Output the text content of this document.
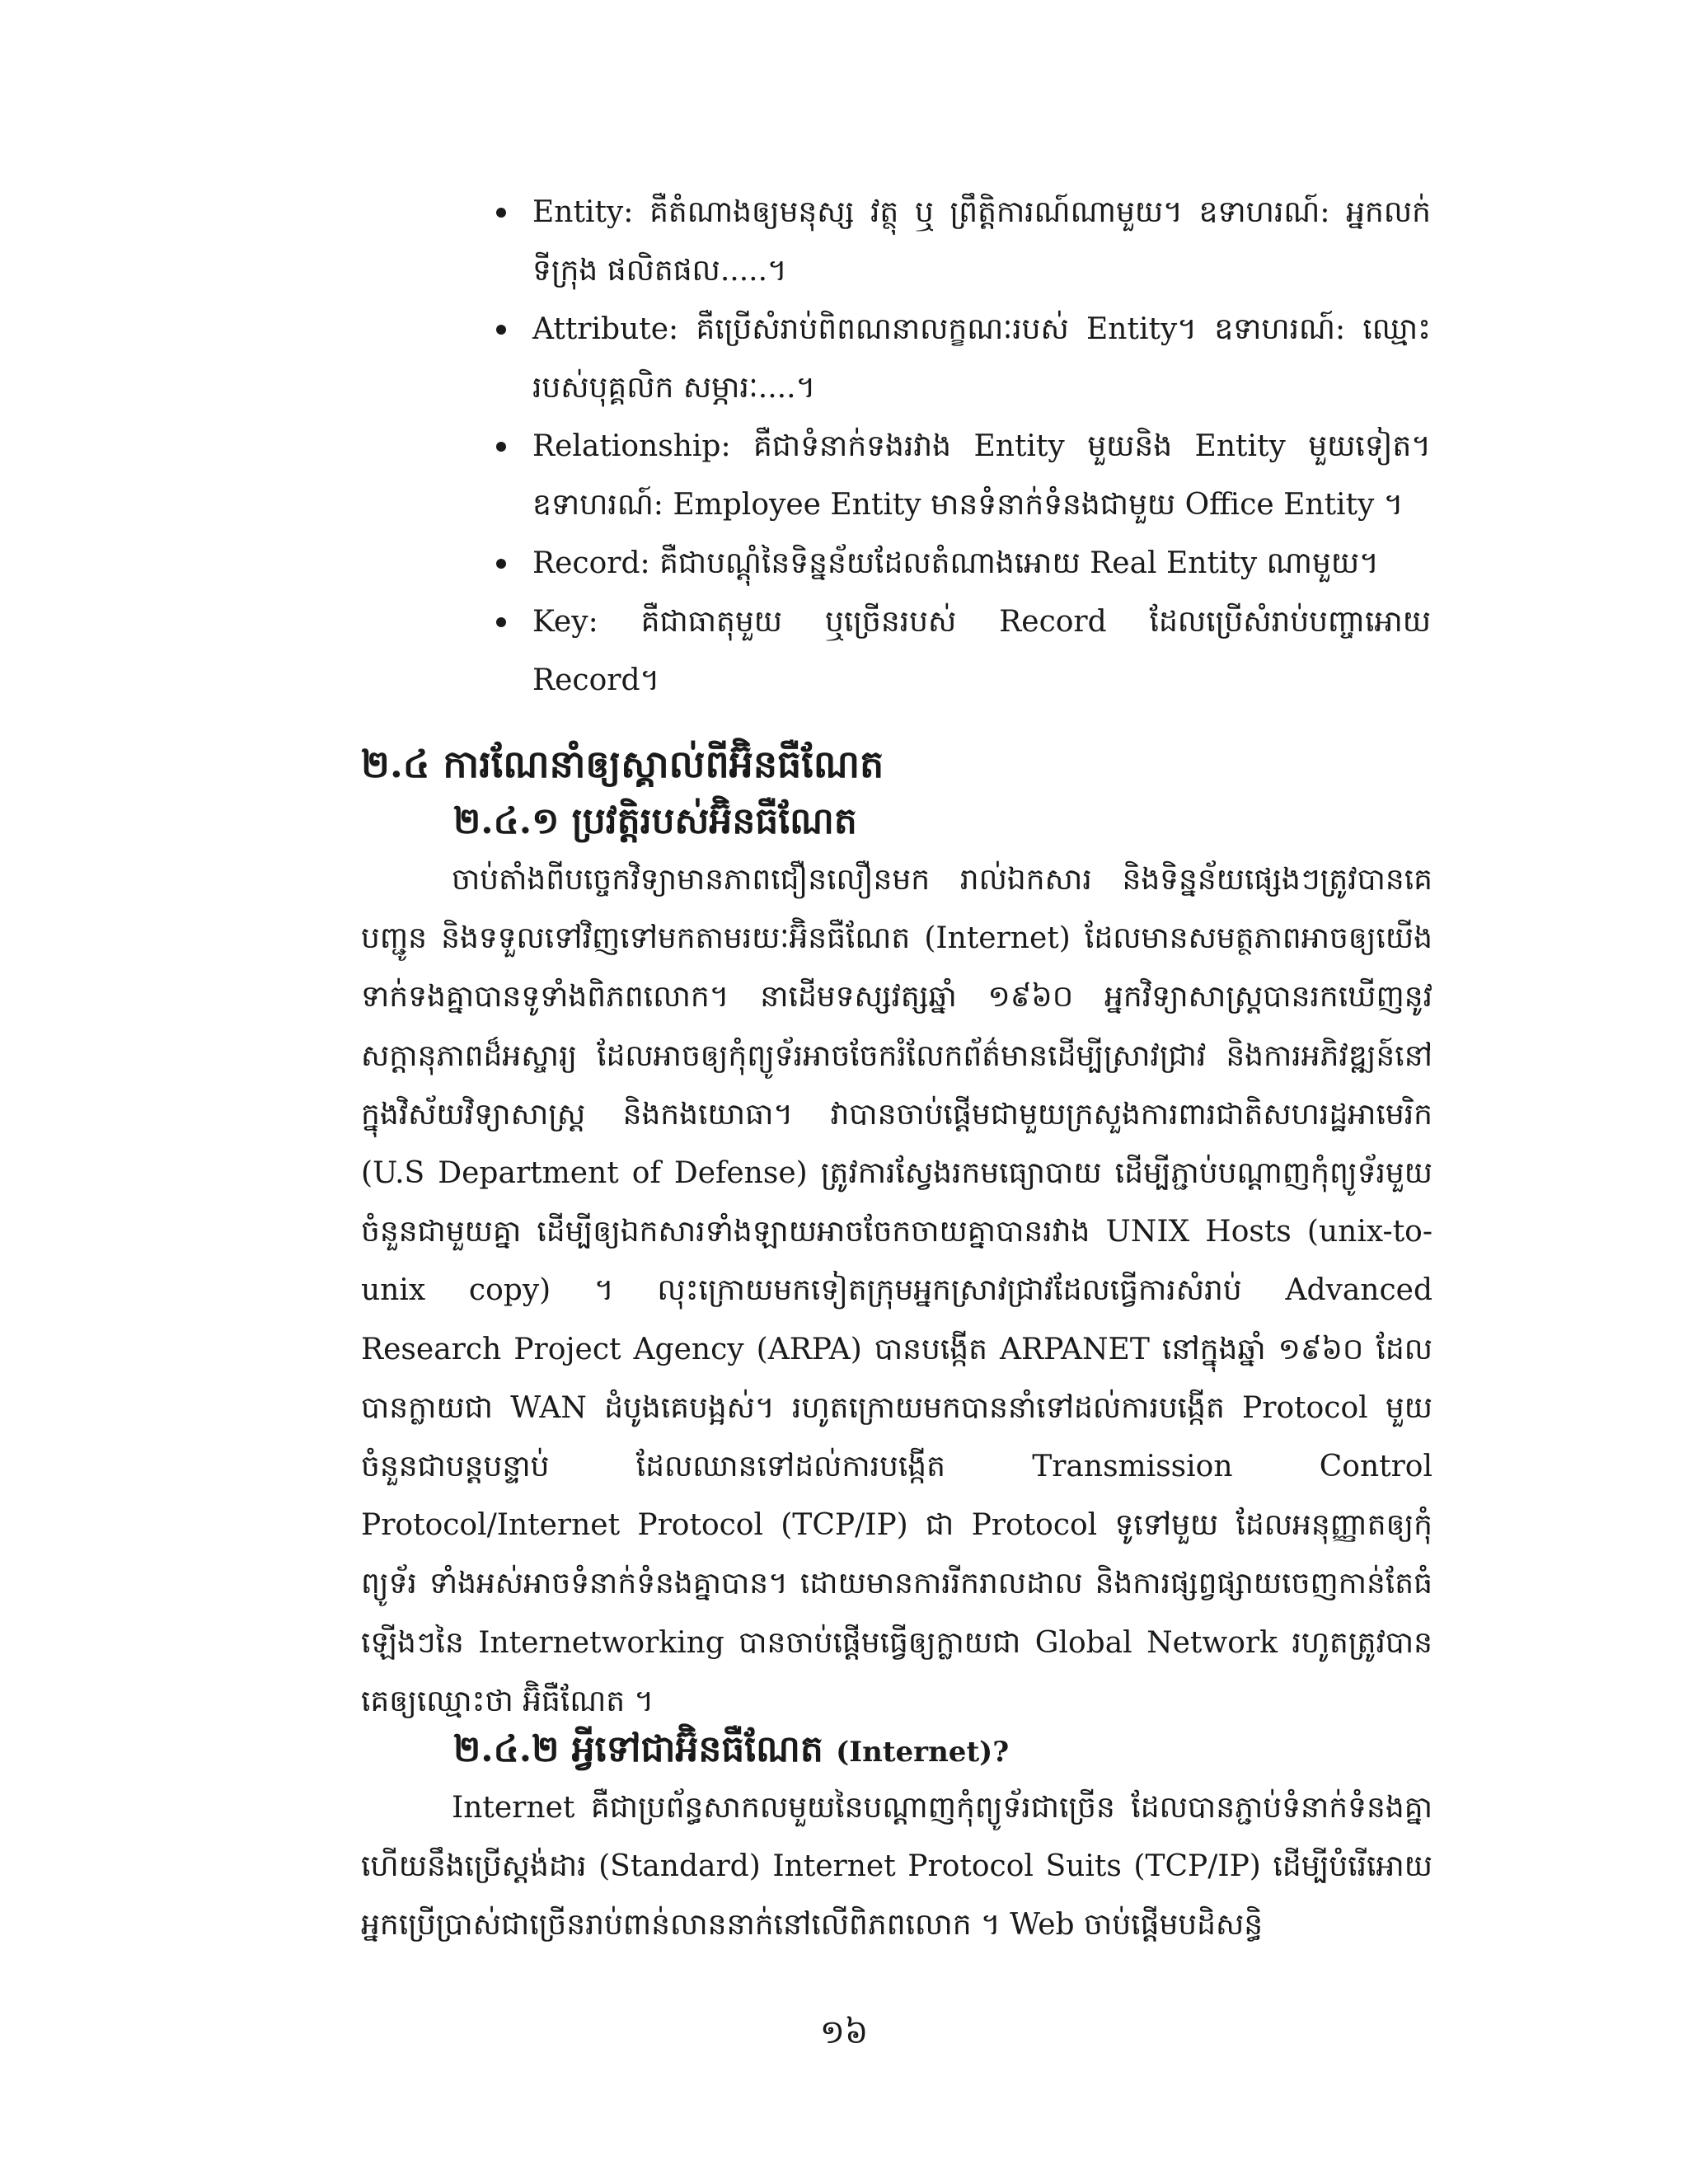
Entity: គឺតំណាងឲ្យមនុស្ស វត្ថុ ឬ ព្រឹត្តិការណ៍ណាមួយ។ ឧទាហរណ៍: អ្នកលក់ ទីក្រុង ផលិតផល.....។
Attribute: គឺប្រើសំរាប់ពិពណនាលក្ខណៈរបស់ Entity។ ឧទាហរណ៍: ឈ្មោះរបស់បុគ្គលិក សម្ភារៈ....។
Relationship: គឺជាទំនាក់ទងរវាង Entity មួយនិង Entity មួយទៀត។ ឧទាហរណ៍: Employee Entity មានទំនាក់ទំនងជាមួយ Office Entity ។
Record: គឺជាបណ្តុំនៃទិន្នន័យដែលតំណាងអោយ Real Entity ណាមួយ។
Key: គឺជាធាតុមួយ ឬច្រើនរបស់ Record ដែលប្រើសំរាប់បញ្ចាអោយ Record។
២.៤ ការណែនាំឲ្យស្គាល់ពីអ៊ិនធឺណែត
២.៤.១ ប្រវត្តិរបស់អ៊ិនធឺណែត

ចាប់តាំងពីបច្ចេកវិទ្យាមានភាពជឿនលឿនមក រាល់ឯកសារ និងទិន្នន័យផ្សេងៗត្រូវបានគេបញ្ជូន និងទទួលទៅវិញទៅមកតាមរយៈអ៊ិនធឺណែត (Internet) ដែលមានសមត្ថភាពអាចឲ្យយើងទាក់ទងគ្នាបានទូទាំងពិភពលោក។ នាដើមទស្សវត្សឆ្នាំ ១៩៦០ អ្នកវិទ្យាសាស្រ្តបានរកឃើញនូវសក្តានុភាពដ៏អស្ចារ្យ ដែលអាចឲ្យកុំព្យូទ័រអាចចែករំលែកព័ត៌មានដើម្បីស្រាវជ្រាវ និងការអភិវឌ្ឍន៍នៅក្នុងវិស័យវិទ្យាសាស្រ្ត និងកងយោធា។ វាបានចាប់ផ្តើមជាមួយក្រសួងការពារជាតិសហរដ្ឋអាមេរិក (U.S Department of Defense) ត្រូវការស្វែងរកមធ្យោបាយ ដើម្បីភ្ជាប់បណ្តាញកុំព្យូទ័រមួយចំនួនជាមួយគ្នា ដើម្បីឲ្យឯកសារទាំងឡាយអាចចែកចាយគ្នាបានរវាង UNIX Hosts (unix-to-unix copy) ។ លុះក្រោយមកទៀតក្រុមអ្នកស្រាវជ្រាវដែលធ្វើការសំរាប់ Advanced Research Project Agency (ARPA) បានបង្កើត ARPANET នៅក្នុងឆ្នាំ ១៩៦០ ដែលបានក្លាយជា WAN ដំបូងគេបង្អស់។ រហូតក្រោយមកបាននាំទៅដល់ការបង្កើត Protocol មួយចំនួនជាបន្តបន្ទាប់ ដែលឈានទៅដល់ការបង្កើត Transmission Control Protocol/Internet Protocol (TCP/IP) ជា Protocol ទូទៅមួយ ដែលអនុញ្ញាតឲ្យកុំព្យូទ័រ ទាំងអស់អាចទំនាក់ទំនងគ្នាបាន។ ដោយមានការរីករាលដាល និងការផ្សព្វផ្សាយចេញកាន់តែធំឡើងៗនៃ Internetworking បានចាប់ផ្តើមធ្វើឲ្យក្លាយជា Global Network រហូតត្រូវបានគេឲ្យឈ្មោះថា អ៊ិធឺណែត ។

២.៤.២ អ្វីទៅជាអ៊ិនធឺណែត (Internet)?

Internet គឺជាប្រព័ន្ធសាកលមួយនៃបណ្តាញកុំព្យូទ័រជាច្រើន ដែលបានភ្ជាប់ទំនាក់ទំនងគ្នា ហើយនឹងប្រើស្តង់ដារ (Standard) Internet Protocol Suits (TCP/IP) ដើម្បីបំរើអោយអ្នកប្រើប្រាស់ជាច្រើនរាប់ពាន់លាននាក់នៅលើពិភពលោក ។ Web ចាប់ផ្តើមបដិសន្ធិ

១៦
